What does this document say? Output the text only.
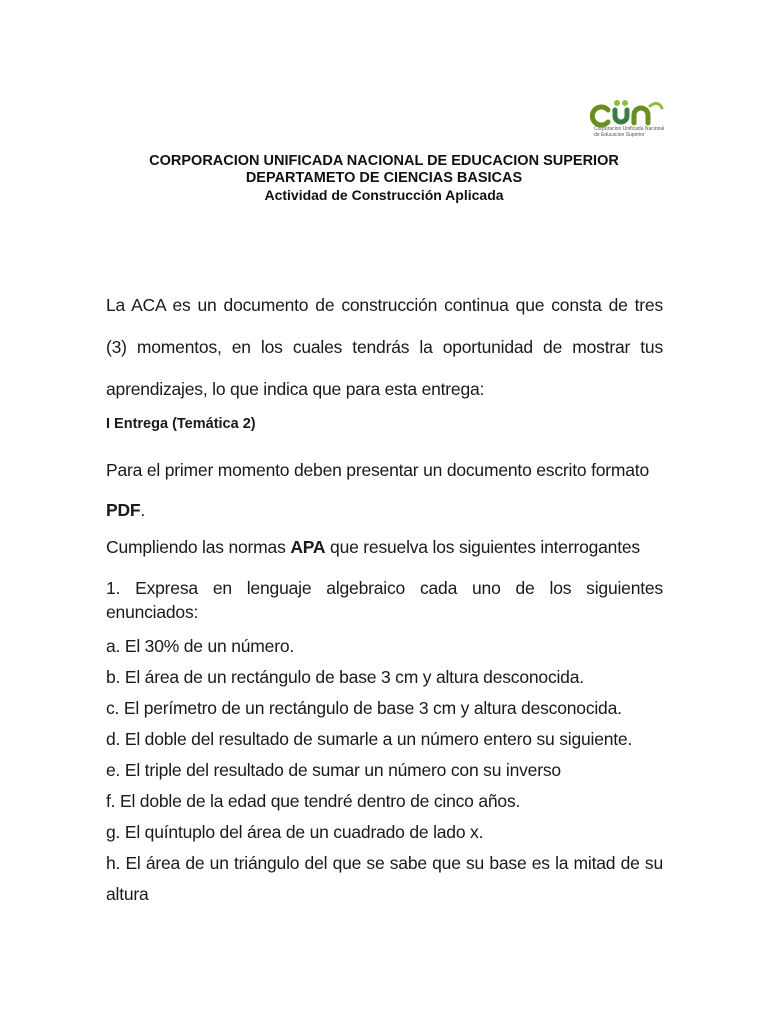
Corporacion Unificada Nacional
de Educacion Superior
CORPORACION UNIFICADA NACIONAL DE EDUCACION SUPERIOR
DEPARTAMETO DE CIENCIAS BASICAS
Actividad de Construcción Aplicada
La ACA es un documento de construcción continua que consta de tres (3) momentos, en los cuales tendrás la oportunidad de mostrar tus aprendizajes, lo que indica que para esta entrega:
I Entrega (Temática 2)
Para el primer momento deben presentar un documento escrito formato
PDF.
Cumpliendo las normas APA que resuelva los siguientes interrogantes
1. Expresa en lenguaje algebraico cada uno de los siguientes enunciados:
a. El 30% de un número.
b. El área de un rectángulo de base 3 cm y altura desconocida.
c. El perímetro de un rectángulo de base 3 cm y altura desconocida.
d. El doble del resultado de sumarle a un número entero su siguiente.
e. El triple del resultado de sumar un número con su inverso
f. El doble de la edad que tendré dentro de cinco años.
g. El quíntuplo del área de un cuadrado de lado x.
h. El área de un triángulo del que se sabe que su base es la mitad de su altura
